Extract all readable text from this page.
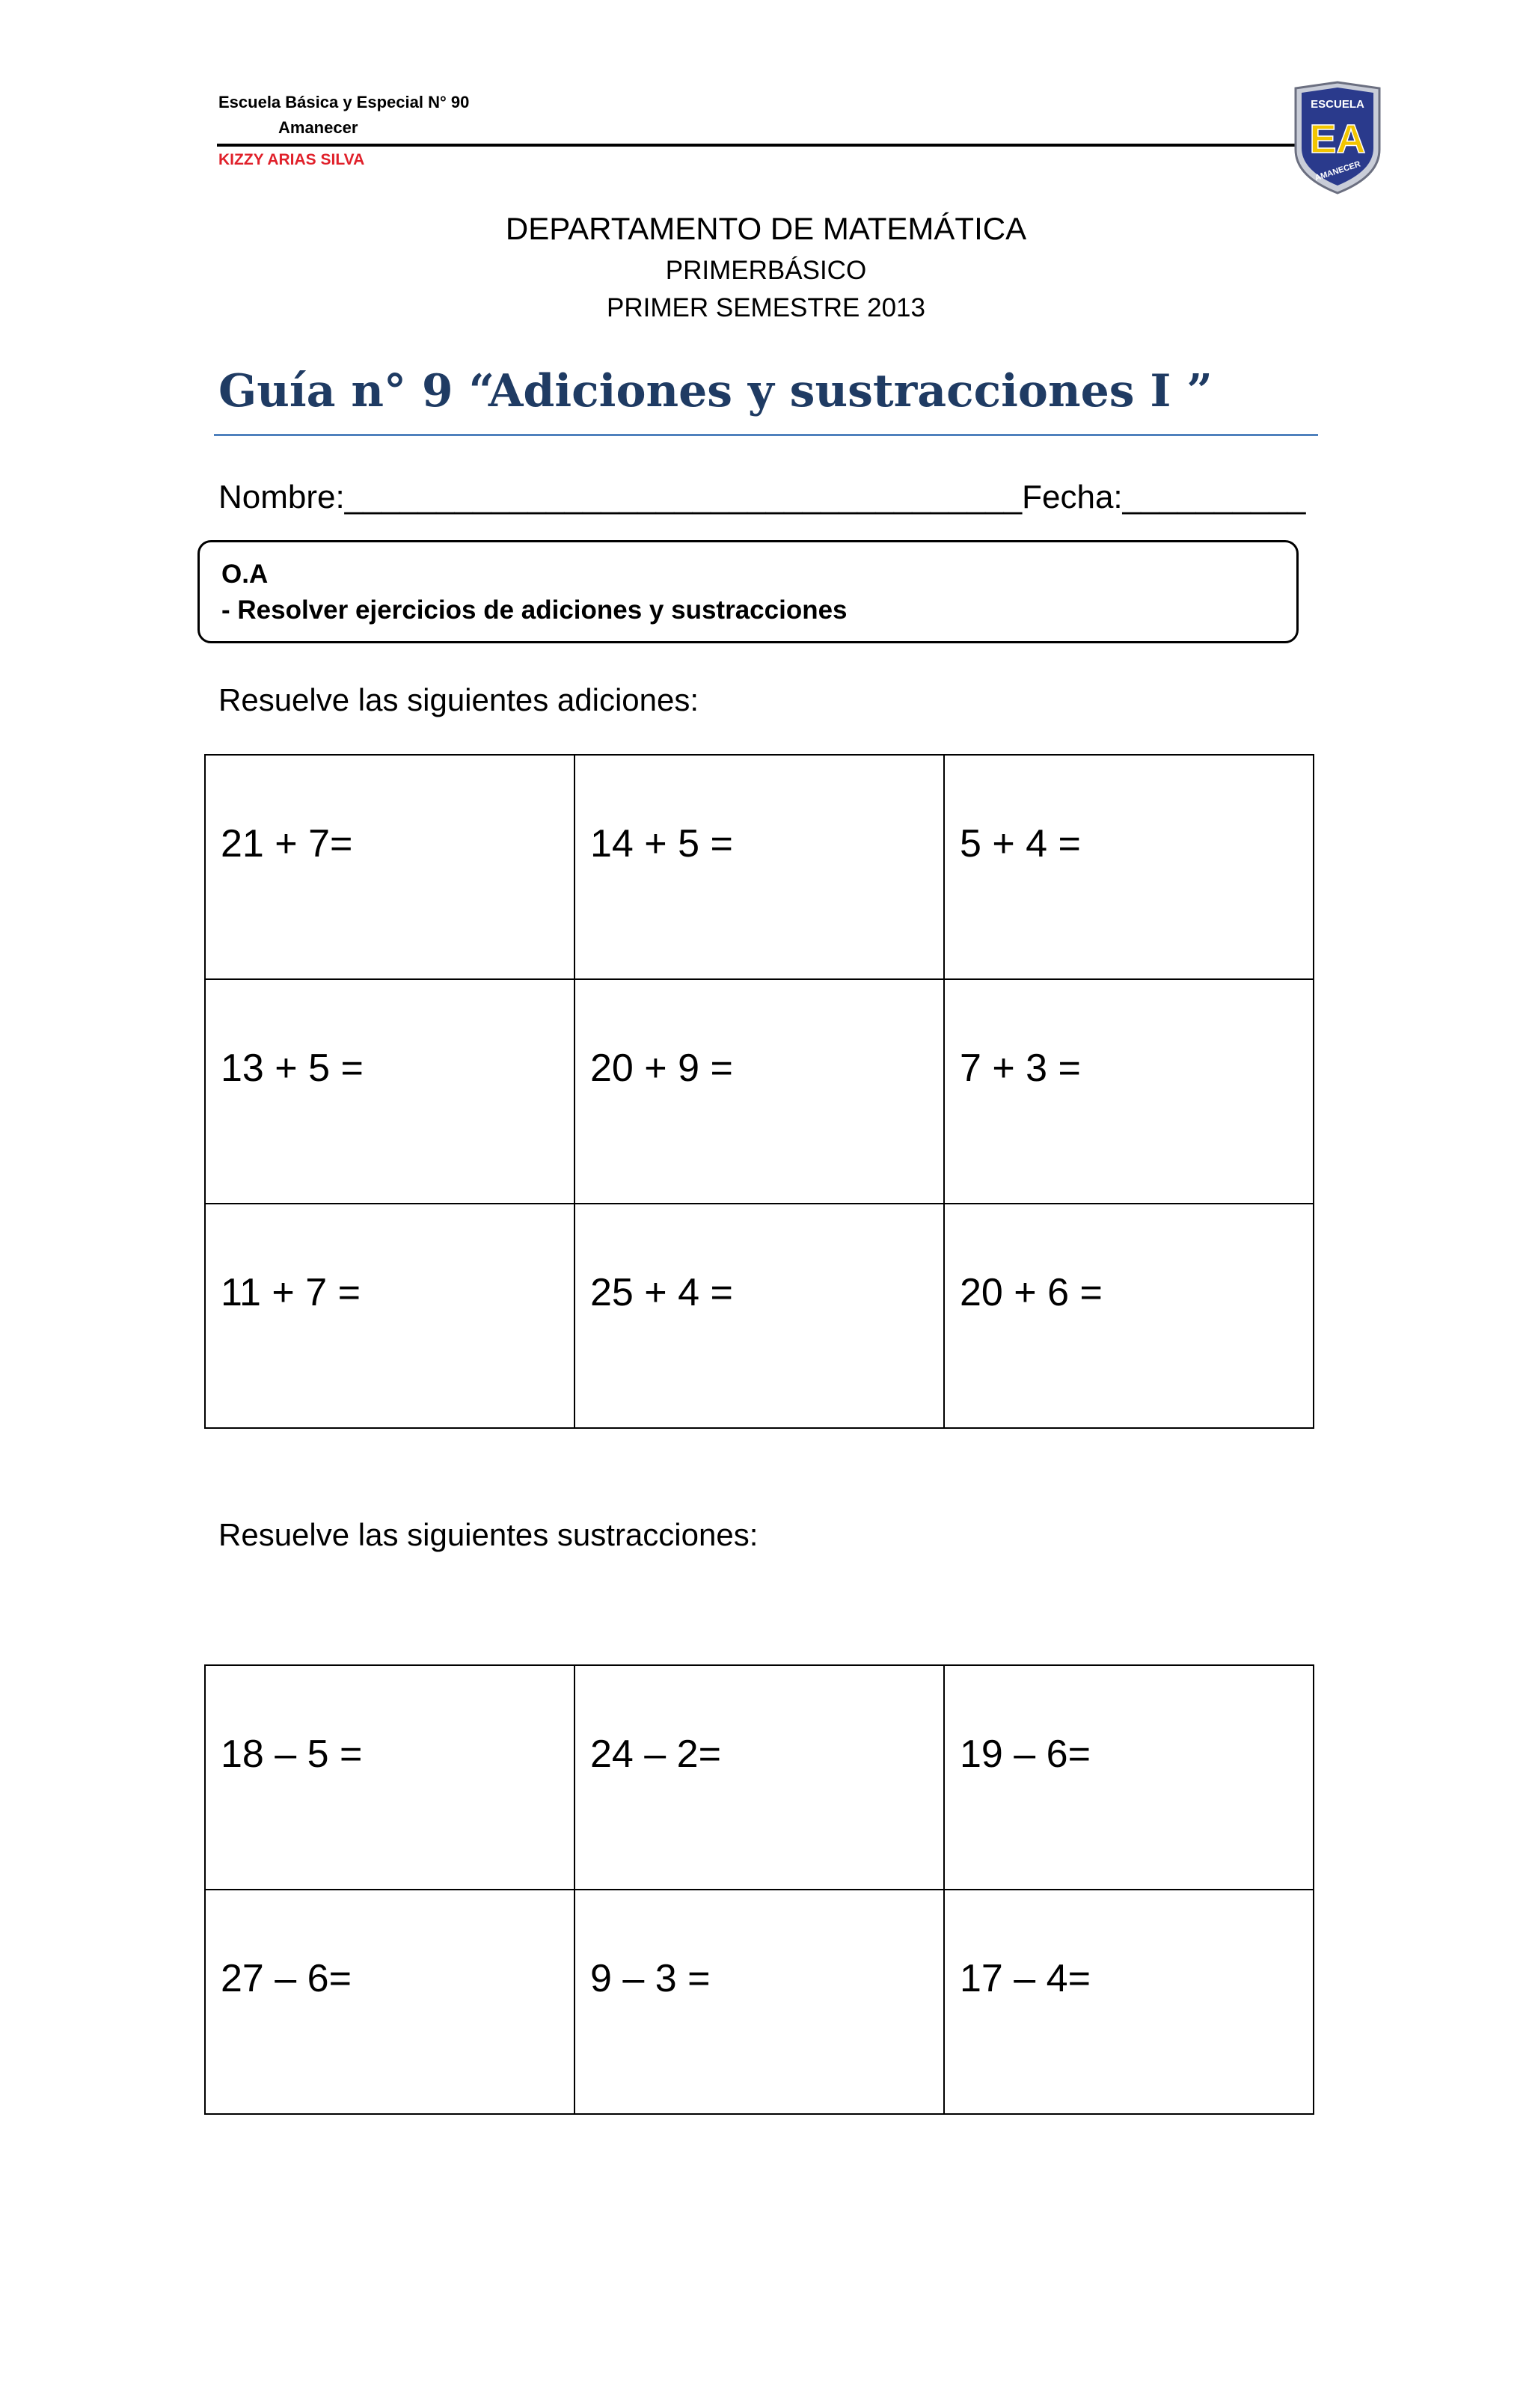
Escuela Básica y Especial N° 90
Amanecer
KIZZY ARIAS SILVA
ESCUELA
EA
AMANECER
DEPARTAMENTO DE MATEMÁTICA
PRIMERBÁSICO
PRIMER SEMESTRE 2013
Guía n° 9 “Adiciones y sustracciones I ”
Nombre:_____________________________________Fecha:__________
O.A
- Resolver ejercicios de adiciones y sustracciones
Resuelve las siguientes adiciones:
21 + 7=	14 + 5 =	5 + 4 =

13 + 5 =	20 + 9 =	7 + 3 =

11 + 7 =	25 + 4 =	20 + 6 =
Resuelve las siguientes sustracciones:
18 – 5 =	24 – 2=	19 – 6=

27 – 6=	9 – 3 =	17 – 4=
